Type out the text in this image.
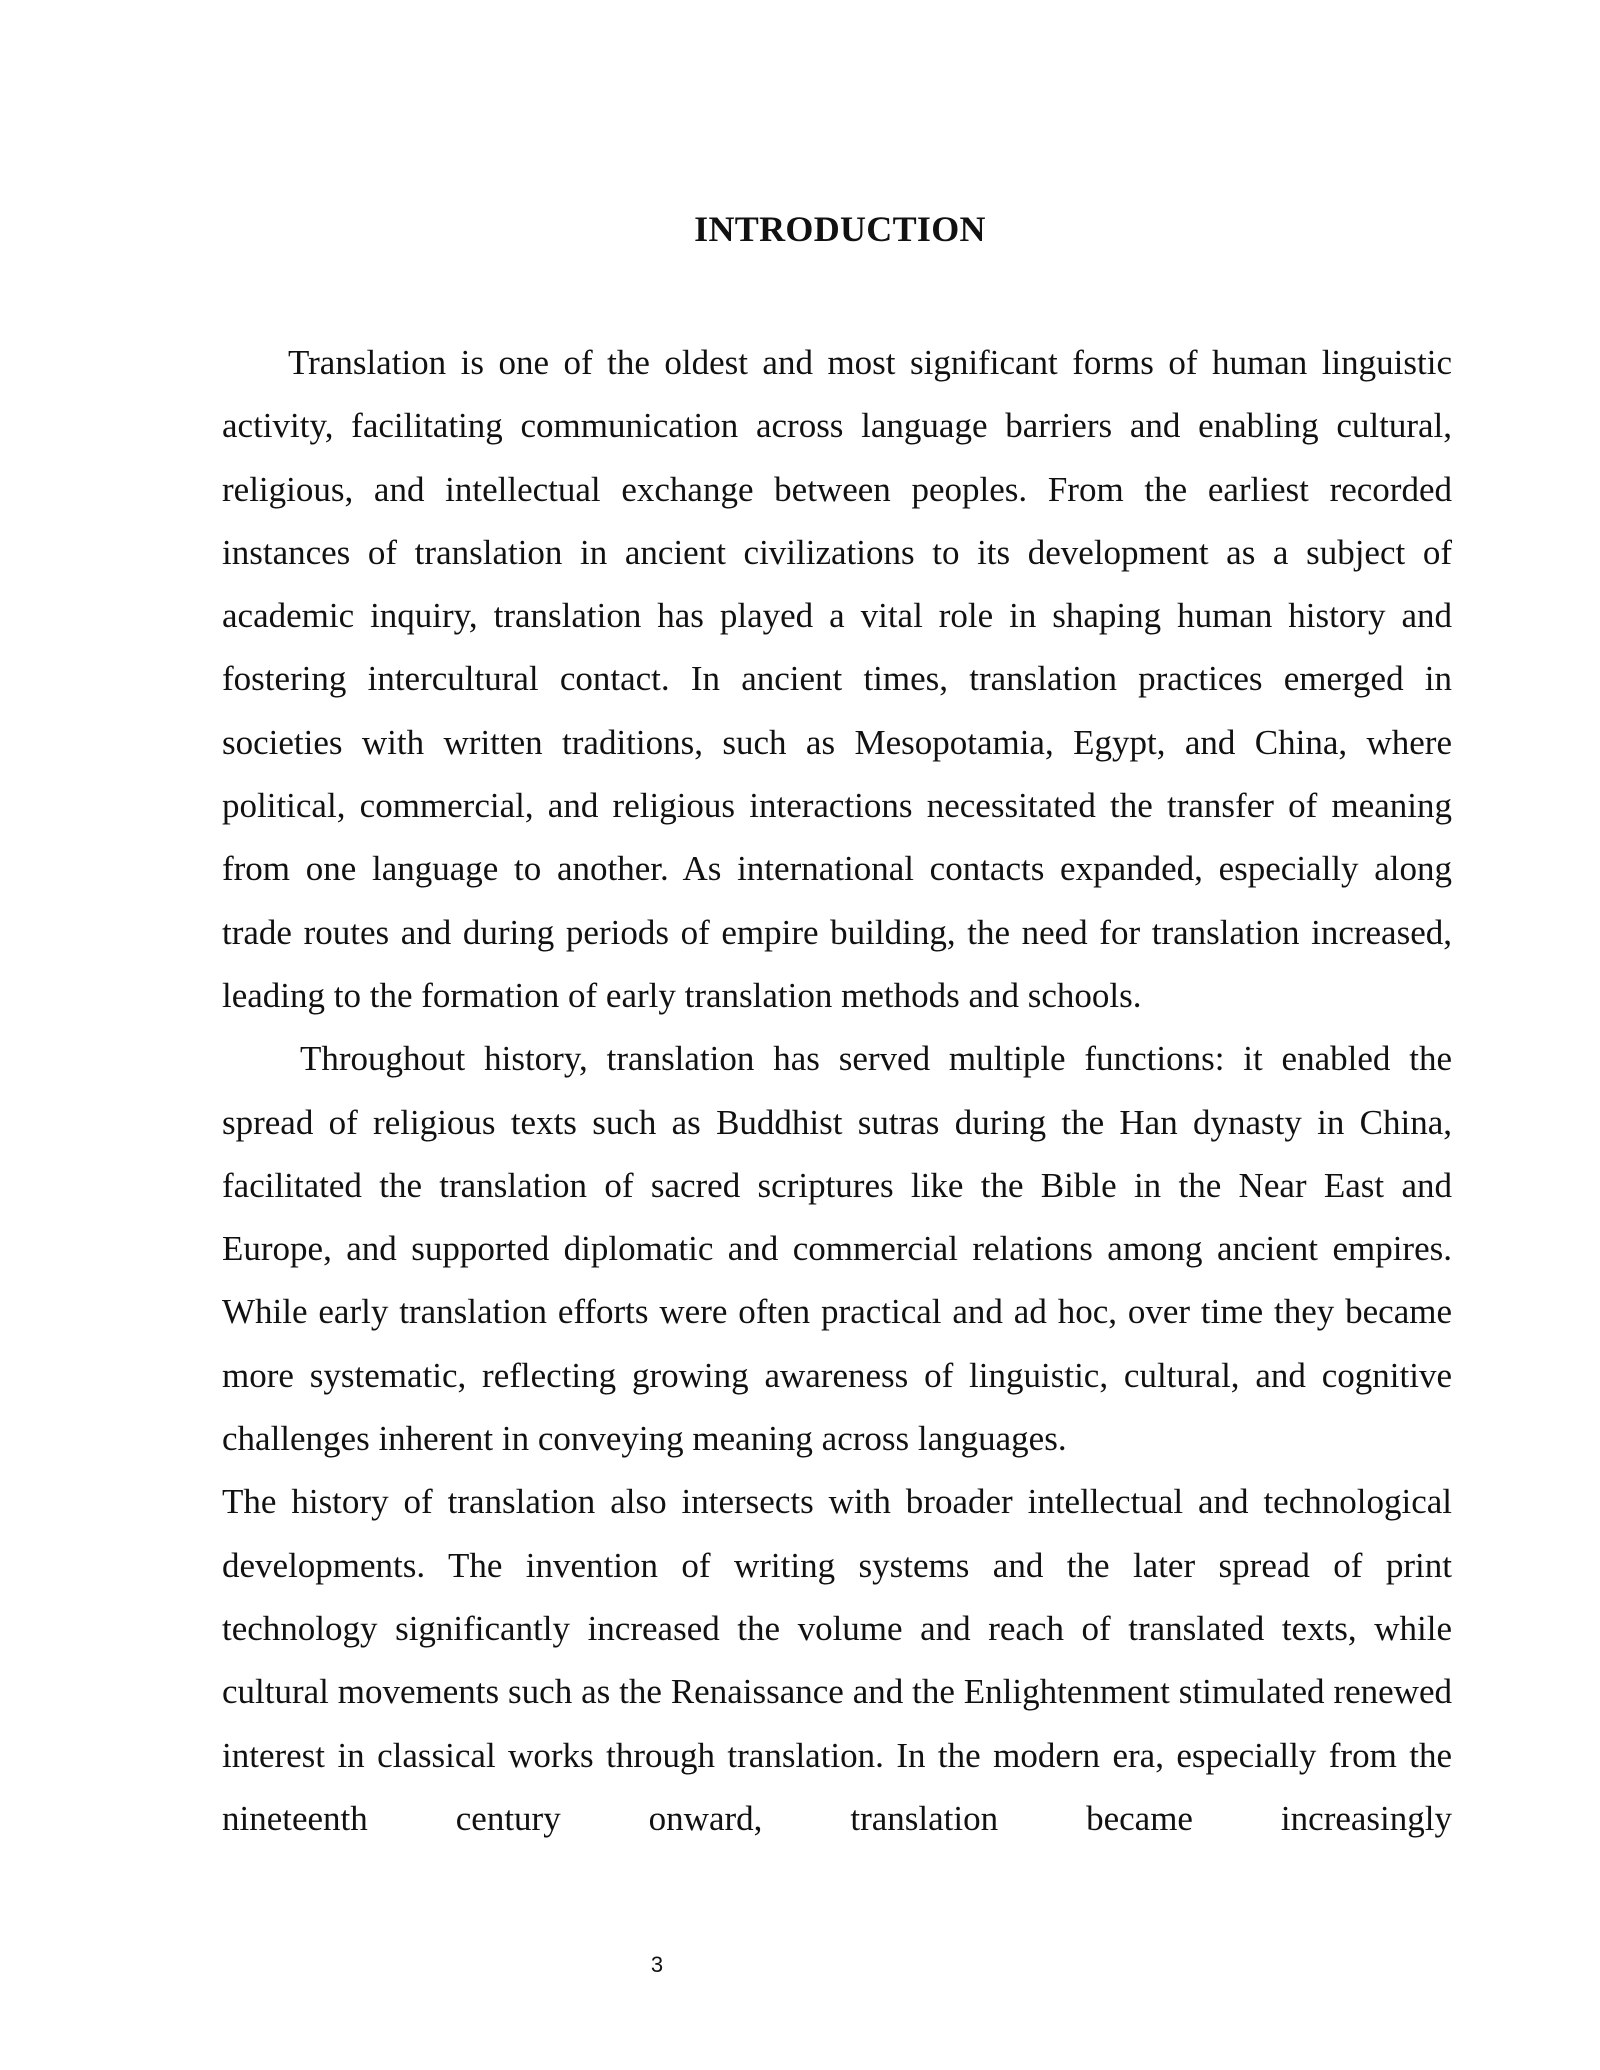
INTRODUCTION

Translation is one of the oldest and most significant forms of human linguistic activity, facilitating communication across language barriers and enabling cultural, religious, and intellectual exchange between peoples. From the earliest recorded instances of translation in ancient civilizations to its development as a subject of academic inquiry, translation has played a vital role in shaping human history and fostering intercultural contact. In ancient times, translation practices emerged in societies with written traditions, such as Mesopotamia, Egypt, and China, where political, commercial, and religious interactions necessitated the transfer of meaning from one language to another. As international contacts expanded, especially along trade routes and during periods of empire building, the need for translation increased, leading to the formation of early translation methods and schools.

Throughout history, translation has served multiple functions: it enabled the spread of religious texts such as Buddhist sutras during the Han dynasty in China, facilitated the translation of sacred scriptures like the Bible in the Near East and Europe, and supported diplomatic and commercial relations among ancient empires. While early translation efforts were often practical and ad hoc, over time they became more systematic, reflecting growing awareness of linguistic, cultural, and cognitive challenges inherent in conveying meaning across languages.

The history of translation also intersects with broader intellectual and technological developments. The invention of writing systems and the later spread of print technology significantly increased the volume and reach of translated texts, while cultural movements such as the Renaissance and the Enlightenment stimulated renewed interest in classical works through translation. In the modern era, especially from the nineteenth century onward, translation became increasingly

3
